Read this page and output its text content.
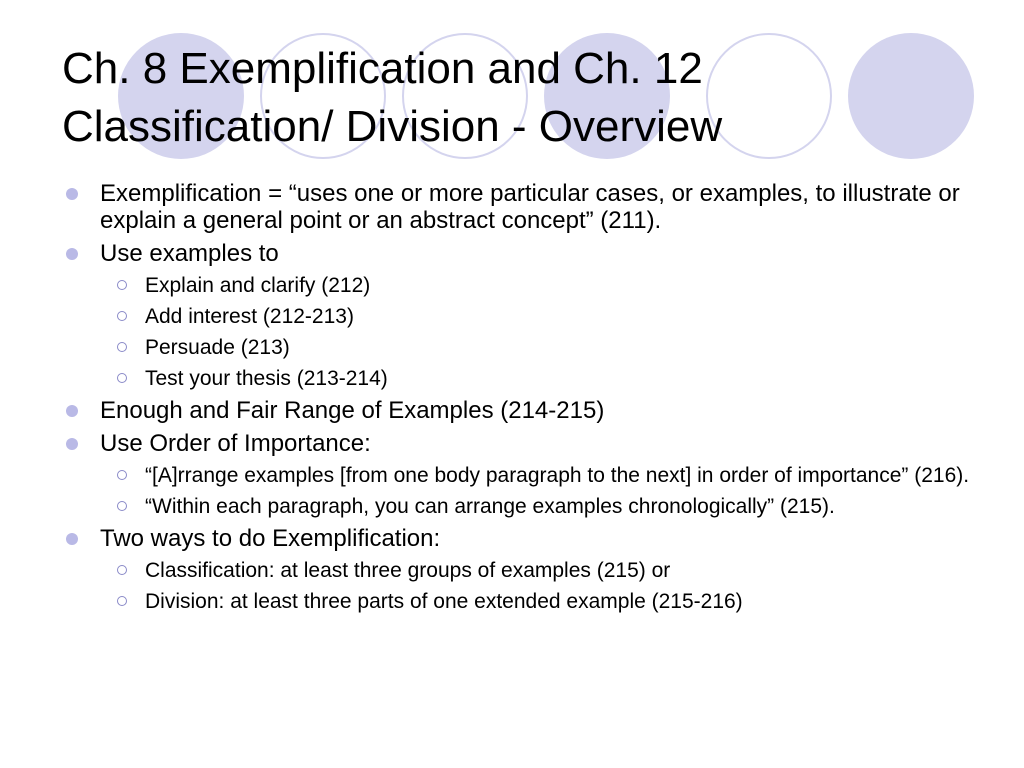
Ch. 8 Exemplification and Ch. 12
Classification/ Division - Overview
Exemplification = “uses one or more particular cases, or examples, to illustrate or explain a general point or an abstract concept” (211).
Use examples to
Explain and clarify (212)
Add interest (212-213)
Persuade (213)
Test your thesis (213-214)
Enough and Fair Range of Examples (214-215)
Use Order of Importance:
“[A]rrange examples [from one body paragraph to the next] in order of importance” (216).
“Within each paragraph, you can arrange examples chronologically” (215).
Two ways to do Exemplification:
Classification: at least three groups of examples (215) or
Division: at least three parts of one extended example (215-216)
